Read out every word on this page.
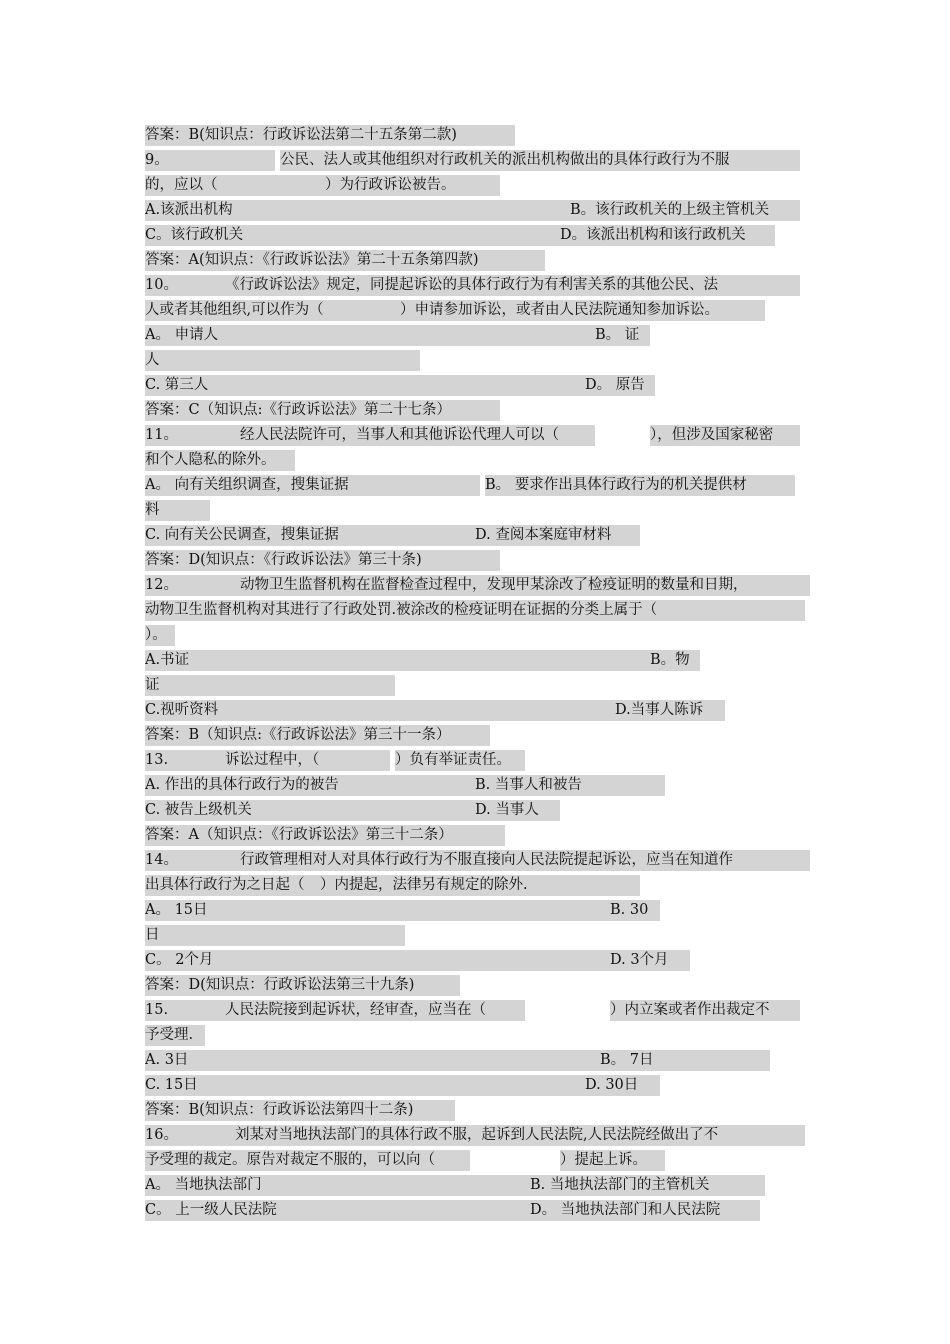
答案：B(知识点：行政诉讼法第二十五条第二款)
9。	公民、法人或其他组织对行政机关的派出机构做出的具体行政行为不服
的，应以（	）为行政诉讼被告。
A.该派出机构	B。该行政机关的上级主管机关
C。该行政机关	D。该派出机构和该行政机关
答案：A(知识点：《行政诉讼法》第二十五条第四款)
10。	《行政诉讼法》规定，同提起诉讼的具体行政行为有利害关系的其他公民、法
人或者其他组织,可以作为（	）申请参加诉讼，或者由人民法院通知参加诉讼。
A。 申请人	B。 证
人
C. 第三人	D。 原告
答案：C（知识点:《行政诉讼法》第二十七条）
11。	经人民法院许可，当事人和其他诉讼代理人可以（	），但涉及国家秘密
和个人隐私的除外。
A。 向有关组织调查，搜集证据	B。 要求作出具体行政行为的机关提供材
料
C. 向有关公民调查，搜集证据	D. 查阅本案庭审材料
答案：D(知识点：《行政诉讼法》第三十条)
12。	动物卫生监督机构在监督检查过程中，发现甲某涂改了检疫证明的数量和日期，
动物卫生监督机构对其进行了行政处罚.被涂改的检疫证明在证据的分类上属于（
）。
A.书证	B。物
证
C.视听资料	D.当事人陈诉
答案：B（知识点:《行政诉讼法》第三十一条）
13.	诉讼过程中，（	）负有举证责任。
A. 作出的具体行政行为的被告	B. 当事人和被告
C. 被告上级机关	D. 当事人
答案：A（知识点：《行政诉讼法》第三十二条）
14。	行政管理相对人对具体行政行为不服直接向人民法院提起诉讼，应当在知道作
出具体行政行为之日起（	）内提起，法律另有规定的除外.
A。 15日	B. 30
日
C。 2个月	D. 3个月
答案：D(知识点：行政诉讼法第三十九条)
15.	人民法院接到起诉状，经审查，应当在（	）内立案或者作出裁定不
予受理.
A. 3日	B。 7日
C. 15日	D. 30日
答案：B(知识点：行政诉讼法第四十二条)
16。	刘某对当地执法部门的具体行政不服，起诉到人民法院,人民法院经做出了不
予受理的裁定。原告对裁定不服的，可以向（	）提起上诉。
A。 当地执法部门	B. 当地执法部门的主管机关
C。 上一级人民法院	D。 当地执法部门和人民法院
